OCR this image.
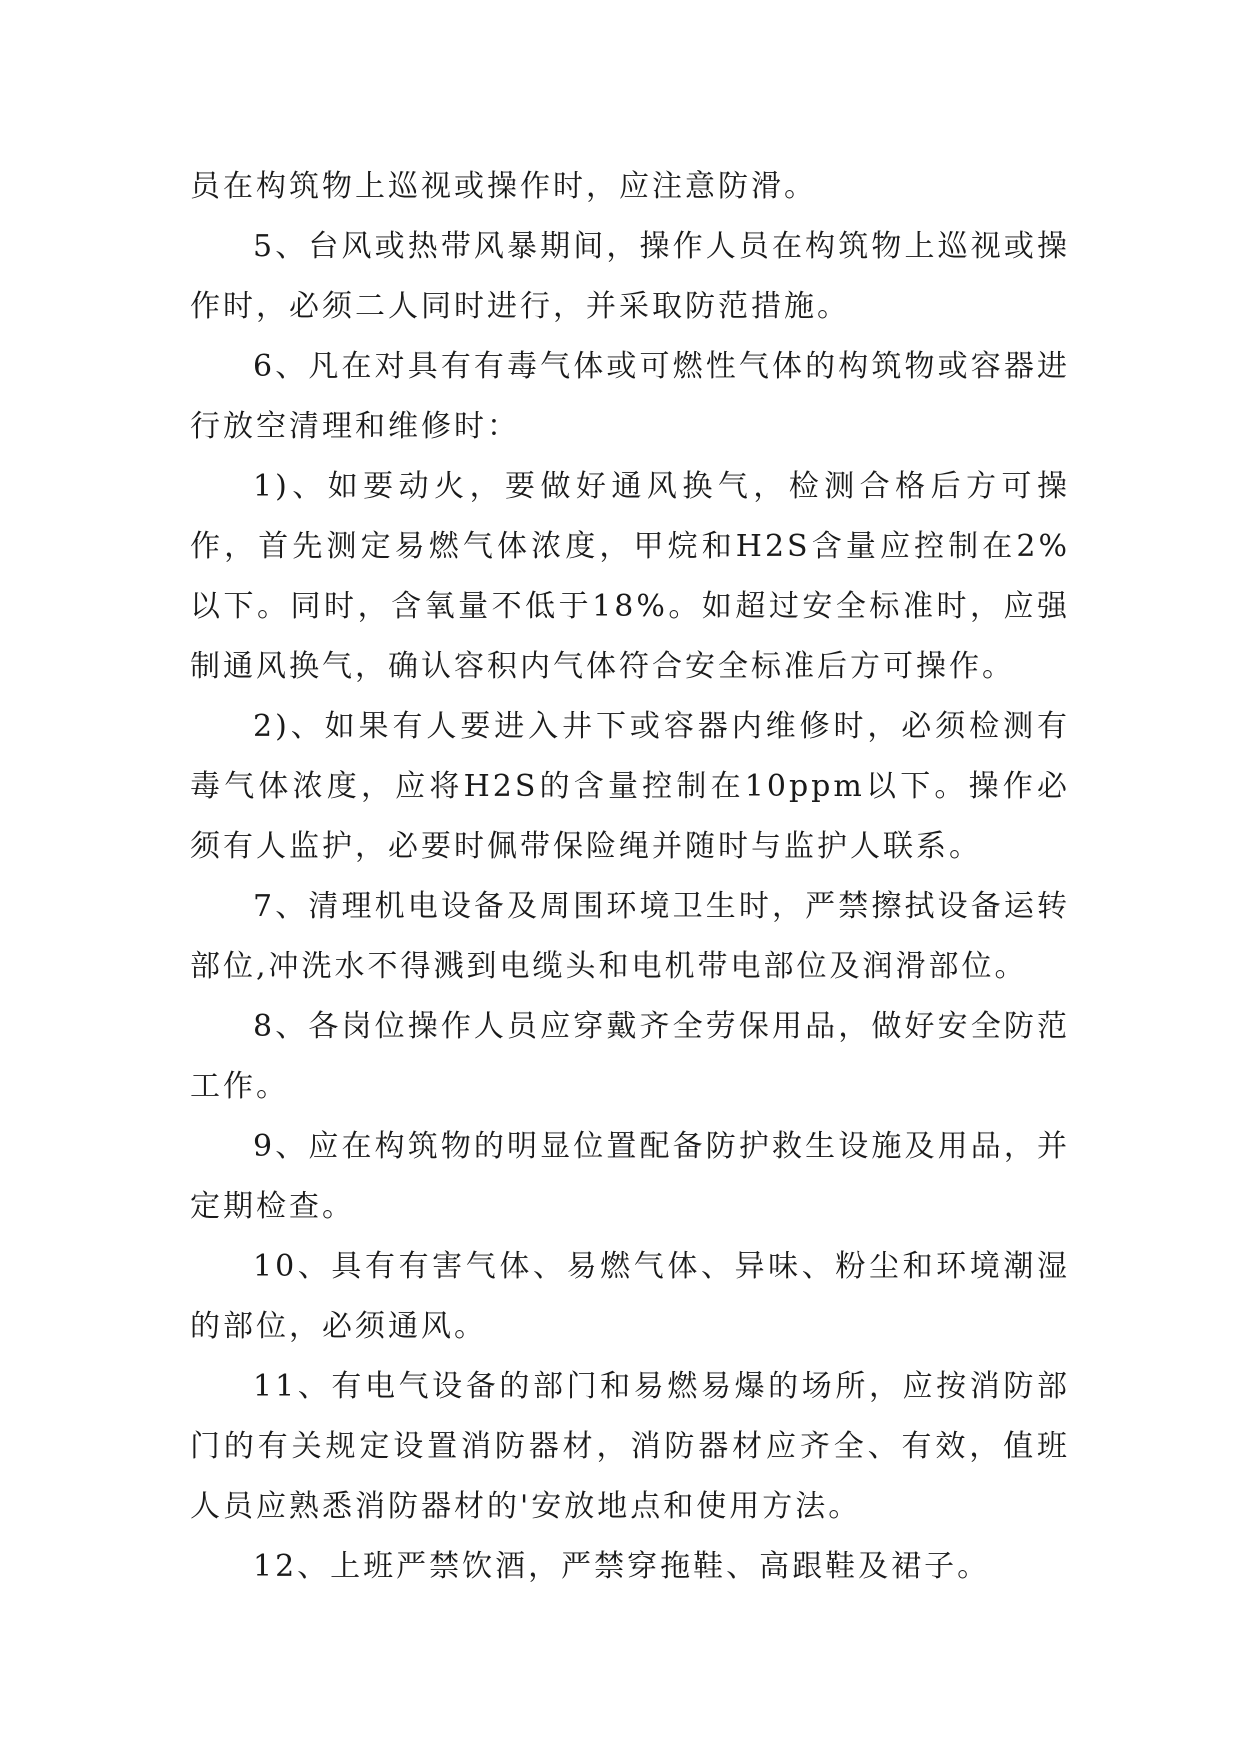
员在构筑物上巡视或操作时，应注意防滑。

5、台风或热带风暴期间，操作人员在构筑物上巡视或操作时，必须二人同时进行，并采取防范措施。

6、凡在对具有有毒气体或可燃性气体的构筑物或容器进行放空清理和维修时：

1)、如要动火，要做好通风换气，检测合格后方可操作，首先测定易燃气体浓度，甲烷和H2S含量应控制在2%以下。同时，含氧量不低于18%。如超过安全标准时，应强制通风换气，确认容积内气体符合安全标准后方可操作。

2)、如果有人要进入井下或容器内维修时，必须检测有毒气体浓度，应将H2S的含量控制在10ppm以下。操作必须有人监护，必要时佩带保险绳并随时与监护人联系。

7、清理机电设备及周围环境卫生时，严禁擦拭设备运转部位,冲洗水不得溅到电缆头和电机带电部位及润滑部位。

8、各岗位操作人员应穿戴齐全劳保用品，做好安全防范工作。

9、应在构筑物的明显位置配备防护救生设施及用品，并定期检查。

10、具有有害气体、易燃气体、异味、粉尘和环境潮湿的部位，必须通风。

11、有电气设备的部门和易燃易爆的场所，应按消防部门的有关规定设置消防器材，消防器材应齐全、有效，值班人员应熟悉消防器材的'安放地点和使用方法。

12、上班严禁饮酒，严禁穿拖鞋、高跟鞋及裙子。
